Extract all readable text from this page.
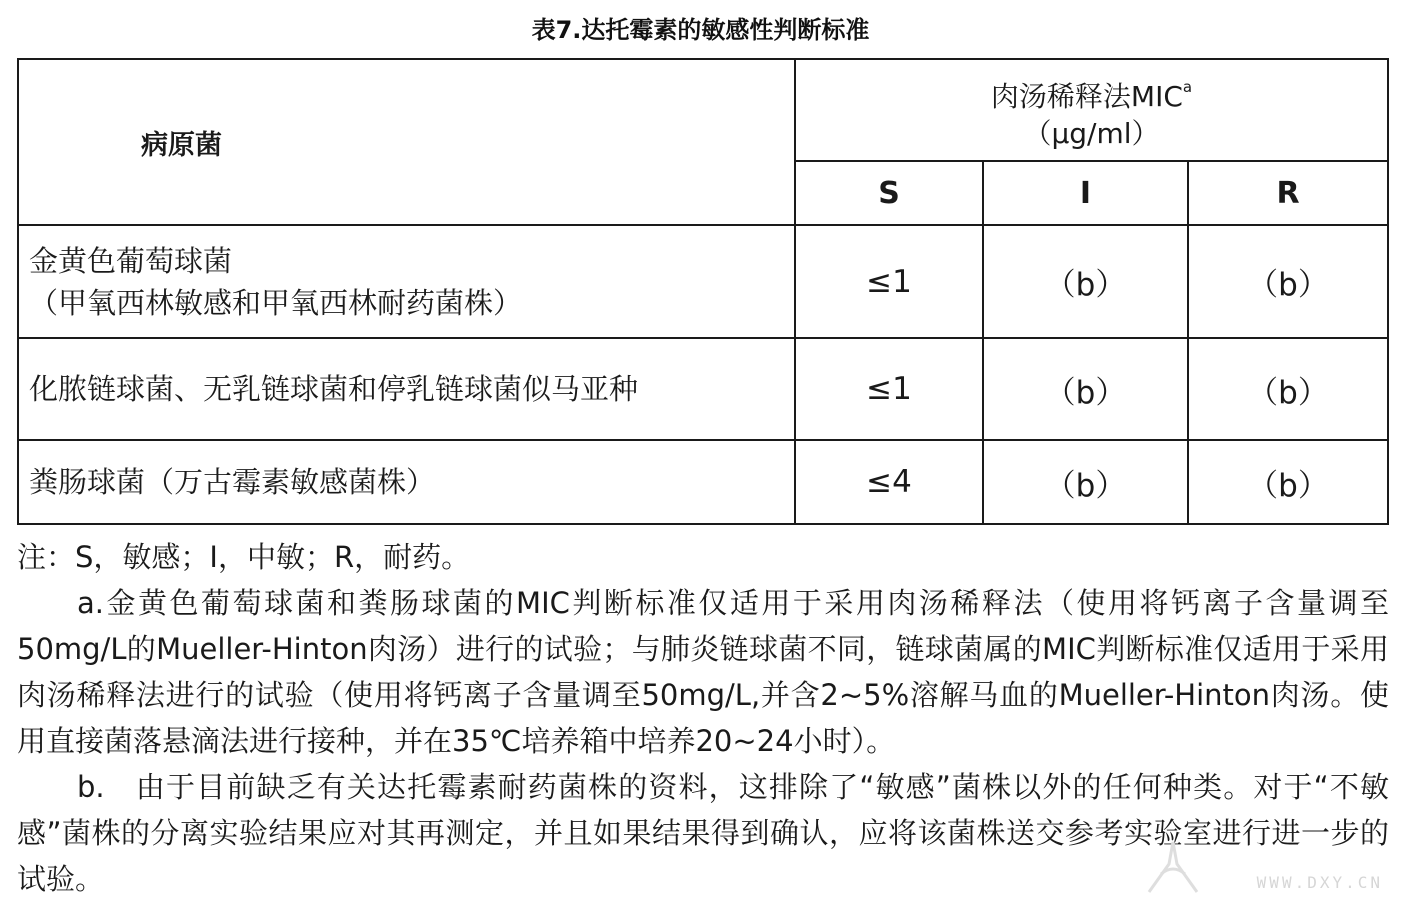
表7.达托霉素的敏感性判断标准
病原菌	肉汤稀释法MIC$^a$
（μg/ml）		
	S	I	R

金黄色葡萄球菌
（甲氧西林敏感和甲氧西林耐药菌株）	≤1	（b）	（b）

化脓链球菌、无乳链球菌和停乳链球菌似马亚种	≤1	（b）	（b）

粪肠球菌（万古霉素敏感菌株）	≤4	（b）	（b）

注：S，敏感；I，中敏；R，耐药。

a.金黄色葡萄球菌和粪肠球菌的MIC判断标准仅适用于采用肉汤稀释法（使用将钙离子含量调至50mg/L的Mueller-Hinton肉汤）进行的试验；与肺炎链球菌不同，链球菌属的MIC判断标准仅适用于采用肉汤稀释法进行的试验（使用将钙离子含量调至50mg/L,并含2~5%溶解马血的Mueller-Hinton肉汤。使用直接菌落悬滴法进行接种，并在35℃培养箱中培养20~24小时）。

b.　由于目前缺乏有关达托霉素耐药菌株的资料，这排除了“敏感”菌株以外的任何种类。对于“不敏感”菌株的分离实验结果应对其再测定，并且如果结果得到确认，应将该菌株送交参考实验室进行进一步的试验。	WWW.DXY.CN
